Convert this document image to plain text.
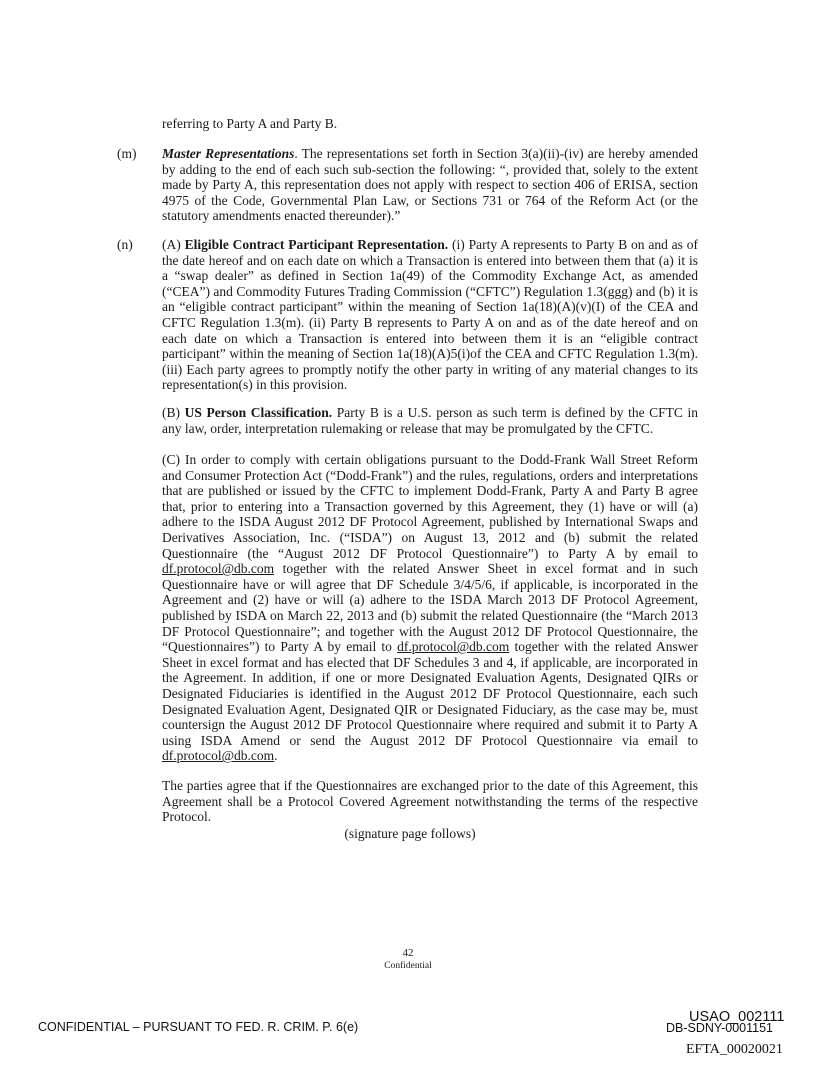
referring to Party A and Party B.
(m) Master Representations. The representations set forth in Section 3(a)(ii)-(iv) are hereby amended by adding to the end of each such sub-section the following: “, provided that, solely to the extent made by Party A, this representation does not apply with respect to section 406 of ERISA, section 4975 of the Code, Governmental Plan Law, or Sections 731 or 764 of the Reform Act (or the statutory amendments enacted thereunder).”
(n) (A) Eligible Contract Participant Representation. (i) Party A represents to Party B on and as of the date hereof and on each date on which a Transaction is entered into between them that (a) it is a “swap dealer” as defined in Section 1a(49) of the Commodity Exchange Act, as amended (“CEA”) and Commodity Futures Trading Commission (“CFTC”) Regulation 1.3(ggg) and (b) it is an “eligible contract participant” within the meaning of Section 1a(18)(A)(v)(I) of the CEA and CFTC Regulation 1.3(m). (ii) Party B represents to Party A on and as of the date hereof and on each date on which a Transaction is entered into between them it is an “eligible contract participant” within the meaning of Section 1a(18)(A)5(i)of the CEA and CFTC Regulation 1.3(m). (iii) Each party agrees to promptly notify the other party in writing of any material changes to its representation(s) in this provision.
(B) US Person Classification. Party B is a U.S. person as such term is defined by the CFTC in any law, order, interpretation rulemaking or release that may be promulgated by the CFTC.
(C) In order to comply with certain obligations pursuant to the Dodd-Frank Wall Street Reform and Consumer Protection Act (“Dodd-Frank”) and the rules, regulations, orders and interpretations that are published or issued by the CFTC to implement Dodd-Frank, Party A and Party B agree that, prior to entering into a Transaction governed by this Agreement, they (1) have or will (a) adhere to the ISDA August 2012 DF Protocol Agreement, published by International Swaps and Derivatives Association, Inc. (“ISDA”) on August 13, 2012 and (b) submit the related Questionnaire (the “August 2012 DF Protocol Questionnaire”) to Party A by email to df.protocol@db.com together with the related Answer Sheet in excel format and in such Questionnaire have or will agree that DF Schedule 3/4/5/6, if applicable, is incorporated in the Agreement and (2) have or will (a) adhere to the ISDA March 2013 DF Protocol Agreement, published by ISDA on March 22, 2013 and (b) submit the related Questionnaire (the “March 2013 DF Protocol Questionnaire”; and together with the August 2012 DF Protocol Questionnaire, the “Questionnaires”) to Party A by email to df.protocol@db.com together with the related Answer Sheet in excel format and has elected that DF Schedules 3 and 4, if applicable, are incorporated in the Agreement. In addition, if one or more Designated Evaluation Agents, Designated QIRs or Designated Fiduciaries is identified in the August 2012 DF Protocol Questionnaire, each such Designated Evaluation Agent, Designated QIR or Designated Fiduciary, as the case may be, must countersign the August 2012 DF Protocol Questionnaire where required and submit it to Party A using ISDA Amend or send the August 2012 DF Protocol Questionnaire via email to df.protocol@db.com.
The parties agree that if the Questionnaires are exchanged prior to the date of this Agreement, this Agreement shall be a Protocol Covered Agreement notwithstanding the terms of the respective Protocol.
(signature page follows)
42
Confidential
CONFIDENTIAL – PURSUANT TO FED. R. CRIM. P. 6(e)
USAO_002111
DB-SDNY-0001151
EFTA_00020021
